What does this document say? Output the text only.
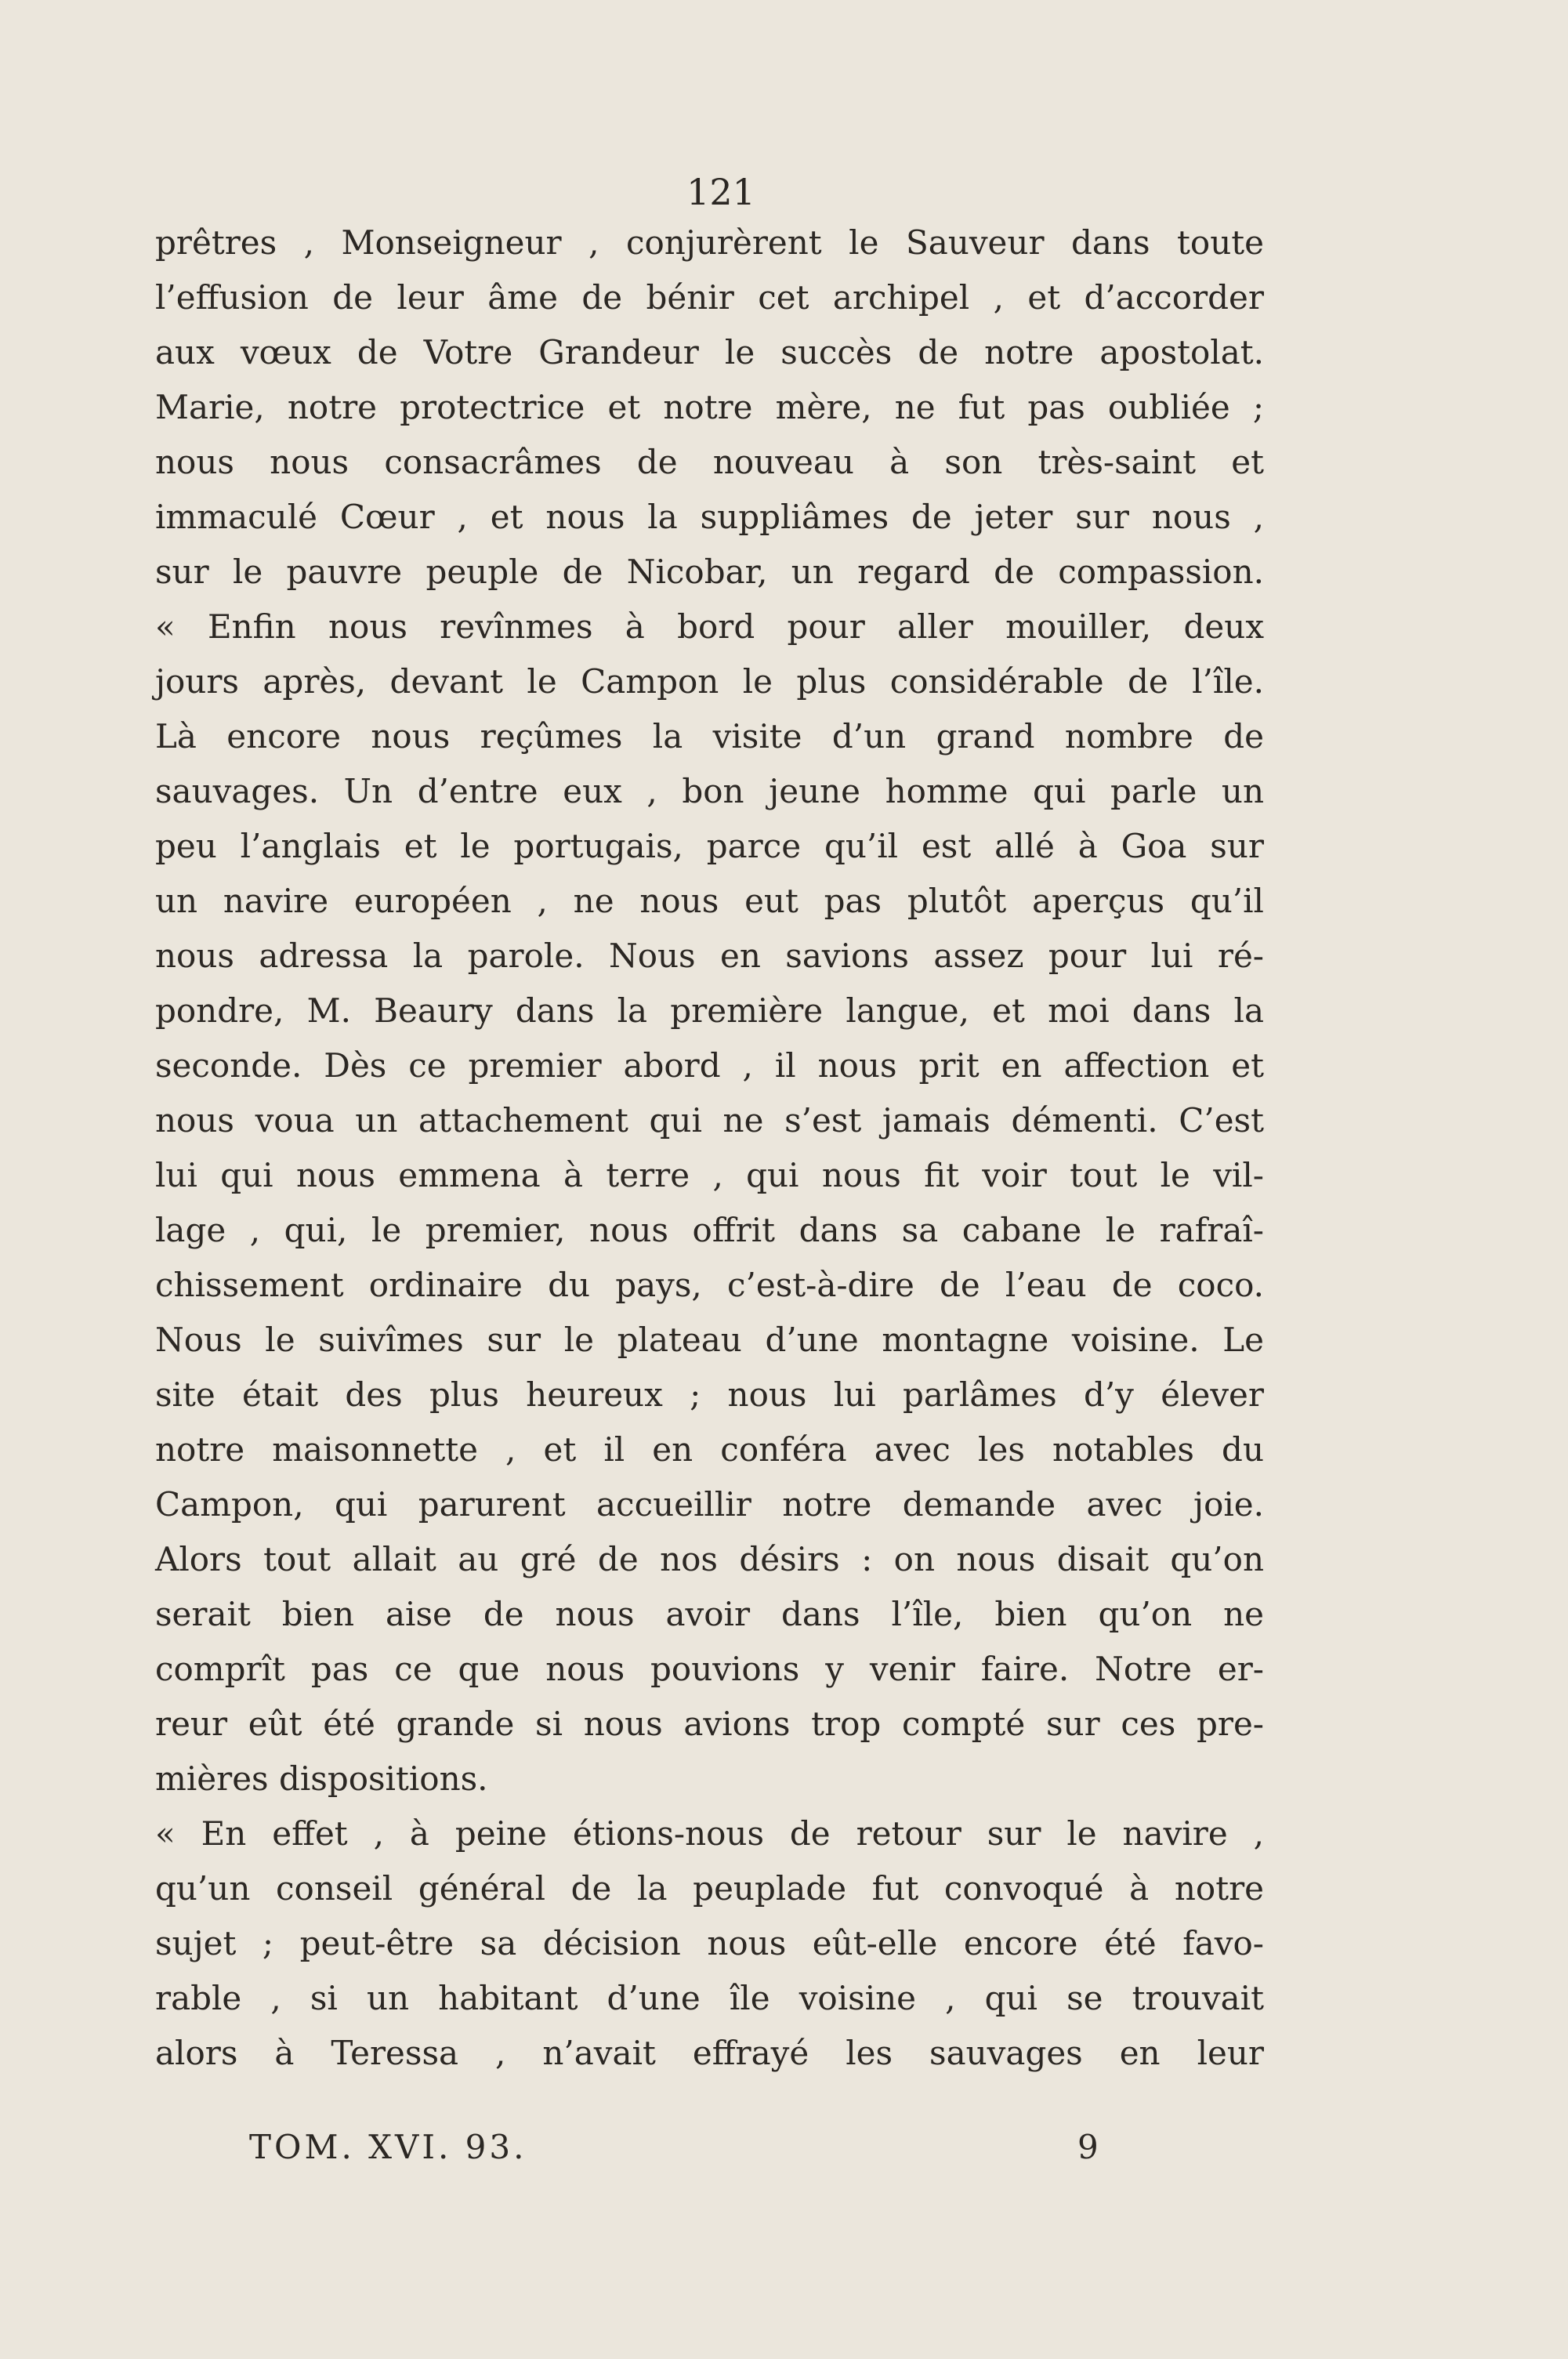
121
prêtres , Monseigneur , conjurèrent le Sauveur dans toute
l’effusion de leur âme de bénir cet archipel , et d’accorder
aux vœux de Votre Grandeur le succès de notre apostolat.
Marie, notre protectrice et notre mère, ne fut pas oubliée ;
nous nous consacrâmes de nouveau à son très-saint et
immaculé Cœur , et nous la suppliâmes de jeter sur nous ,
sur le pauvre peuple de Nicobar, un regard de compassion.
« Enfin nous revînmes à bord pour aller mouiller, deux
jours après, devant le Campon le plus considérable de l’île.
Là encore nous reçûmes la visite d’un grand nombre de
sauvages. Un d’entre eux , bon jeune homme qui parle un
peu l’anglais et le portugais, parce qu’il est allé à Goa sur
un navire européen , ne nous eut pas plutôt aperçus qu’il
nous adressa la parole. Nous en savions assez pour lui ré-
pondre, M. Beaury dans la première langue, et moi dans la
seconde. Dès ce premier abord , il nous prit en affection et
nous voua un attachement qui ne s’est jamais démenti. C’est
lui qui nous emmena à terre , qui nous fit voir tout le vil-
lage , qui, le premier, nous offrit dans sa cabane le rafraî-
chissement ordinaire du pays, c’est-à-dire de l’eau de coco.
Nous le suivîmes sur le plateau d’une montagne voisine. Le
site était des plus heureux ; nous lui parlâmes d’y élever
notre maisonnette , et il en conféra avec les notables du
Campon, qui parurent accueillir notre demande avec joie.
Alors tout allait au gré de nos désirs : on nous disait qu’on
serait bien aise de nous avoir dans l’île, bien qu’on ne
comprît pas ce que nous pouvions y venir faire. Notre er-
reur eût été grande si nous avions trop compté sur ces pre-
mières dispositions.
« En effet , à peine étions-nous de retour sur le navire ,
qu’un conseil général de la peuplade fut convoqué à notre
sujet ; peut-être sa décision nous eût-elle encore été favo-
rable , si un habitant d’une île voisine , qui se trouvait
alors à Teressa , n’avait effrayé les sauvages en leur
TOM. XVI. 93.	9
